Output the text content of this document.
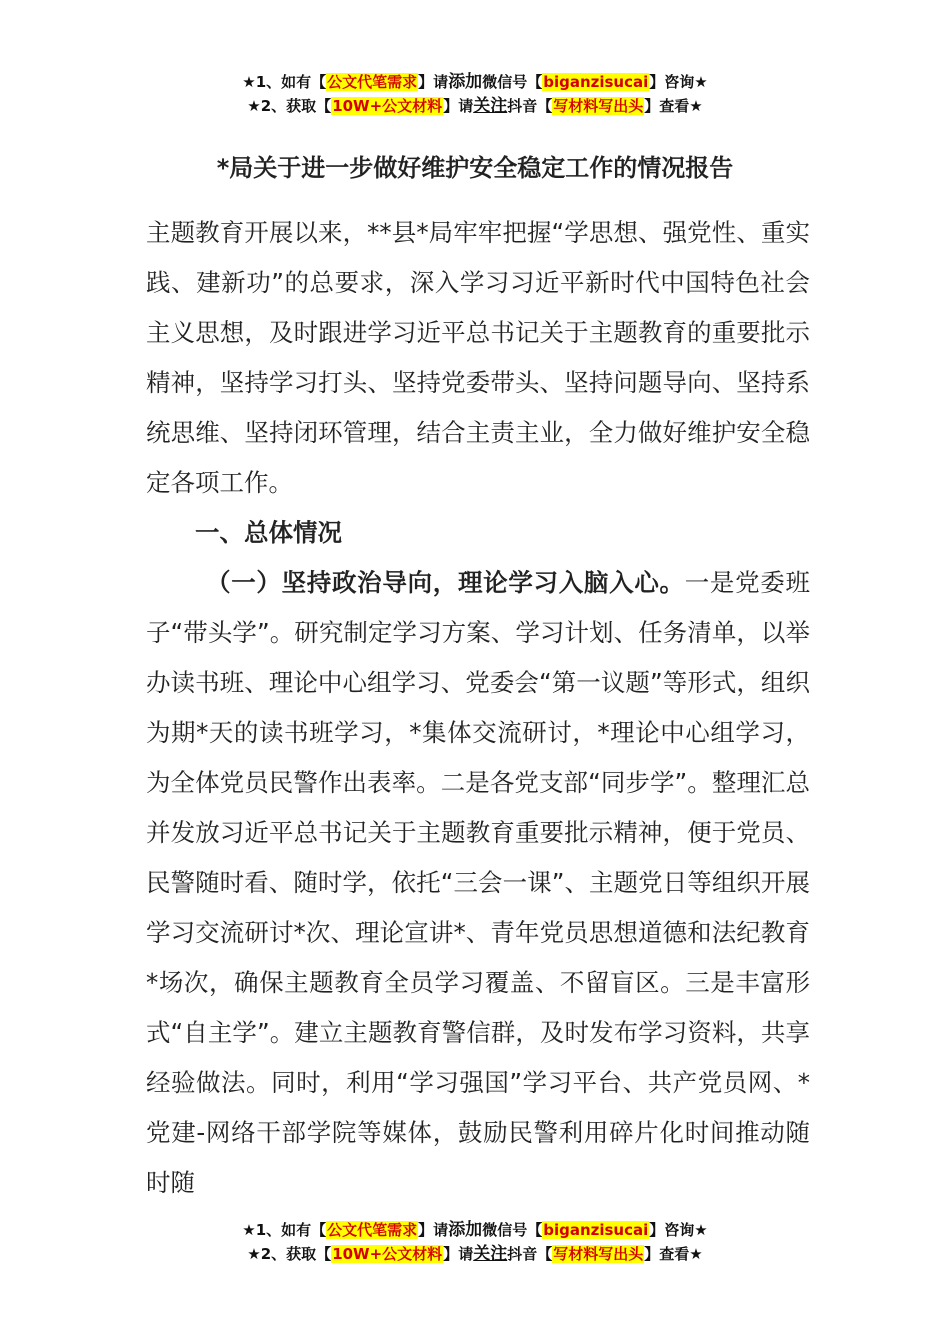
★1、如有【公文代笔需求】请添加微信号【biganzisucai】咨询★
★2、获取【10W+公文材料】请关注抖音【写材料写出头】查看★
*局关于进一步做好维护安全稳定工作的情况报告

主题教育开展以来，**县*局牢牢把握“学思想、强党性、重实践、建新功”的总要求，深入学习习近平新时代中国特色社会主义思想，及时跟进学习近平总书记关于主题教育的重要批示精神，坚持学习打头、坚持党委带头、坚持问题导向、坚持系统思维、坚持闭环管理，结合主责主业，全力做好维护安全稳定各项工作。

一、总体情况

（一）坚持政治导向，理论学习入脑入心。一是党委班子“带头学”。研究制定学习方案、学习计划、任务清单，以举办读书班、理论中心组学习、党委会“第一议题”等形式，组织为期*天的读书班学习，*集体交流研讨，*理论中心组学习，为全体党员民警作出表率。二是各党支部“同步学”。整理汇总并发放习近平总书记关于主题教育重要批示精神，便于党员、民警随时看、随时学，依托“三会一课”、主题党日等组织开展学习交流研讨*次、理论宣讲*、青年党员思想道德和法纪教育*场次，确保主题教育全员学习覆盖、不留盲区。三是丰富形式“自主学”。建立主题教育警信群，及时发布学习资料，共享经验做法。同时，利用“学习强国”学习平台、共产党员网、*党建-网络干部学院等媒体，鼓励民警利用碎片化时间推动随时随

★1、如有【公文代笔需求】请添加微信号【biganzisucai】咨询★
★2、获取【10W+公文材料】请关注抖音【写材料写出头】查看★
